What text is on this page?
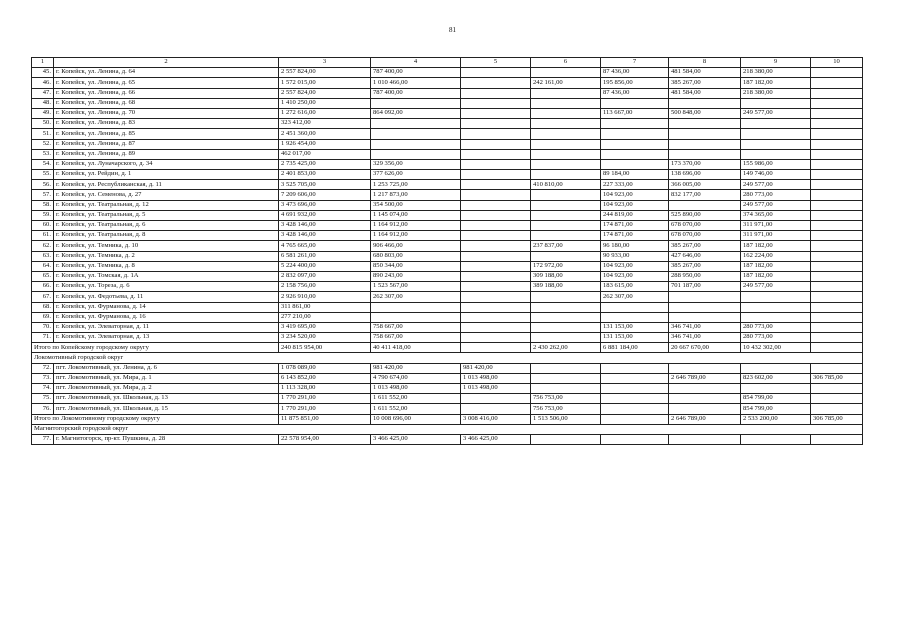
81
1	2	3	4	5	6	7	8	9	10
45.	г. Копейск, ул. Ленина, д. 64	2 557 824,00	787 400,00			87 436,00	481 584,00	218 380,00	
46.	г. Копейск, ул. Ленина, д. 65	1 572 015,00	1 010 466,00		242 161,00	195 856,00	385 267,00	187 182,00	
47.	г. Копейск, ул. Ленина, д. 66	2 557 824,00	787 400,00			87 436,00	481 584,00	218 380,00	
48.	г. Копейск, ул. Ленина, д. 68	1 410 250,00							
49.	г. Копейск, ул. Ленина, д. 70	1 272 616,00	864 092,00			113 667,00	500 848,00	249 577,00	
50.	г. Копейск, ул. Ленина, д. 83	323 412,00							
51.	г. Копейск, ул. Ленина, д. 85	2 451 360,00							
52.	г. Копейск, ул. Ленина, д. 87	1 926 454,00							
53.	г. Копейск, ул. Ленина, д. 89	462 017,00							
54.	г. Копейск, ул. Луначарского, д. 34	2 735 425,00	329 356,00				173 370,00	155 986,00	
55.	г. Копейск, ул. Рейдин, д. 1	2 401 853,00	377 626,00			89 184,00	138 696,00	149 746,00	
56.	г. Копейск, ул. Республиканская, д. 11	3 525 705,00	1 253 725,00		410 810,00	227 333,00	366 005,00	249 577,00	
57.	г. Копейск, ул. Семенова, д. 27	7 209 606,00	1 217 873,00			104 923,00	832 177,00	280 773,00	
58.	г. Копейск, ул. Театральная, д. 12	3 473 696,00	354 500,00			104 923,00		249 577,00	
59.	г. Копейск, ул. Театральная, д. 5	4 691 932,00	1 145 074,00			244 819,00	525 890,00	374 365,00	
60.	г. Копейск, ул. Театральная, д. 6	3 428 146,00	1 164 912,00			174 871,00	678 070,00	311 971,00	
61.	г. Копейск, ул. Театральная, д. 8	3 428 146,00	1 164 912,00			174 871,00	678 070,00	311 971,00	
62.	г. Копейск, ул. Темника, д. 10	4 765 665,00	906 466,00		237 837,00	96 180,00	385 267,00	187 182,00	
63.	г. Копейск, ул. Темника, д. 2	6 581 261,00	680 803,00			90 933,00	427 646,00	162 224,00	
64.	г. Копейск, ул. Темника, д. 8	5 224 400,00	850 344,00		172 972,00	104 923,00	385 267,00	187 182,00	
65.	г. Копейск, ул. Томская, д. 1А	2 832 097,00	890 243,00		309 188,00	104 923,00	288 950,00	187 182,00	
66.	г. Копейск, ул. Тореза, д. 6	2 158 756,00	1 523 567,00		389 188,00	183 615,00	701 187,00	249 577,00	
67.	г. Копейск, ул. Федотьева, д. 11	2 926 910,00	262 307,00			262 307,00			
68.	г. Копейск, ул. Фурманова, д. 14	311 861,00							
69.	г. Копейск, ул. Фурманова, д. 16	277 210,00							
70.	г. Копейск, ул. Элеваторная, д. 11	3 419 695,00	758 667,00			131 153,00	346 741,00	280 773,00	
71.	г. Копейск, ул. Элеваторная, д. 13	3 234 520,00	758 667,00			131 153,00	346 741,00	280 773,00	
Итого по Копейскому городскому округу		240 815 954,00	40 411 418,00		2 430 262,00	6 881 184,00	20 667 670,00	10 432 302,00	
Локомотивный городской округ									
72.	пгт. Локомотивный, ул. Ленина, д. 6	1 078 089,00	981 420,00	981 420,00					
73.	пгт. Локомотивный, ул. Мира, д. 1	6 143 852,00	4 790 674,00	1 013 498,00			2 646 789,00	823 602,00	306 785,00
74.	пгт. Локомотивный, ул. Мира, д. 2	1 113 328,00	1 013 498,00	1 013 498,00					
75.	пгт. Локомотивный, ул. Школьная, д. 13	1 770 291,00	1 611 552,00		756 753,00			854 799,00	
76.	пгт. Локомотивный, ул. Школьная, д. 15	1 770 291,00	1 611 552,00		756 753,00			854 799,00	
Итого по Локомотивному городскому округу		11 875 851,00	10 008 696,00	3 008 416,00	1 513 506,00		2 646 789,00	2 533 200,00	306 785,00
Магнитогорский городской округ									
77.	г. Магнитогорск, пр-кт. Пушкина, д. 28	22 578 954,00	3 466 425,00	3 466 425,00					
